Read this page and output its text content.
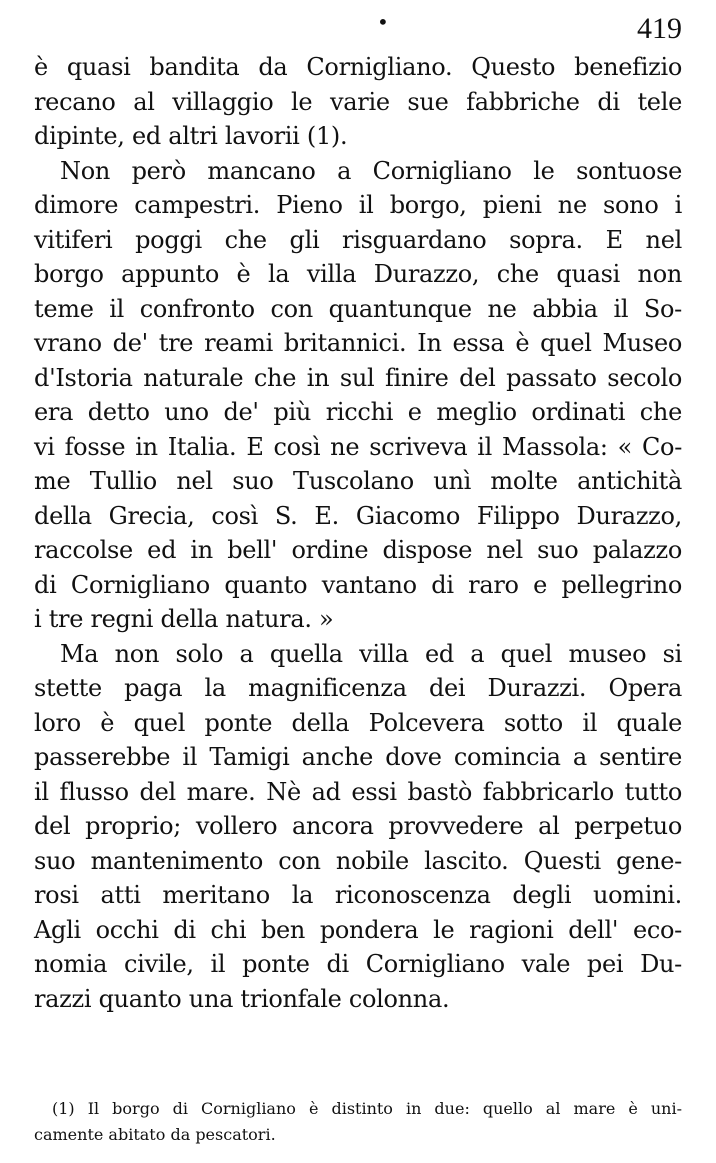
•	419
è quasi bandita da Cornigliano. Questo benefizio
recano al villaggio le varie sue fabbriche di tele
dipinte, ed altri lavorii (1).
Non però mancano a Cornigliano le sontuose
dimore campestri. Pieno il borgo, pieni ne sono i
vitiferi poggi che gli risguardano sopra. E nel
borgo appunto è la villa Durazzo, che quasi non
teme il confronto con quantunque ne abbia il So-
vrano de' tre reami britannici. In essa è quel Museo
d'Istoria naturale che in sul finire del passato secolo
era detto uno de' più ricchi e meglio ordinati che
vi fosse in Italia. E così ne scriveva il Massola: « Co-
me Tullio nel suo Tuscolano unì molte antichità
della Grecia, così S. E. Giacomo Filippo Durazzo,
raccolse ed in bell' ordine dispose nel suo palazzo
di Cornigliano quanto vantano di raro e pellegrino
i tre regni della natura. »
Ma non solo a quella villa ed a quel museo si
stette paga la magnificenza dei Durazzi. Opera
loro è quel ponte della Polcevera sotto il quale
passerebbe il Tamigi anche dove comincia a sentire
il flusso del mare. Nè ad essi bastò fabbricarlo tutto
del proprio; vollero ancora provvedere al perpetuo
suo mantenimento con nobile lascito. Questi gene-
rosi atti meritano la riconoscenza degli uomini.
Agli occhi di chi ben pondera le ragioni dell' eco-
nomia civile, il ponte di Cornigliano vale pei Du-
razzi quanto una trionfale colonna.
(1) Il borgo di Cornigliano è distinto in due: quello al mare è uni-
camente abitato da pescatori.
